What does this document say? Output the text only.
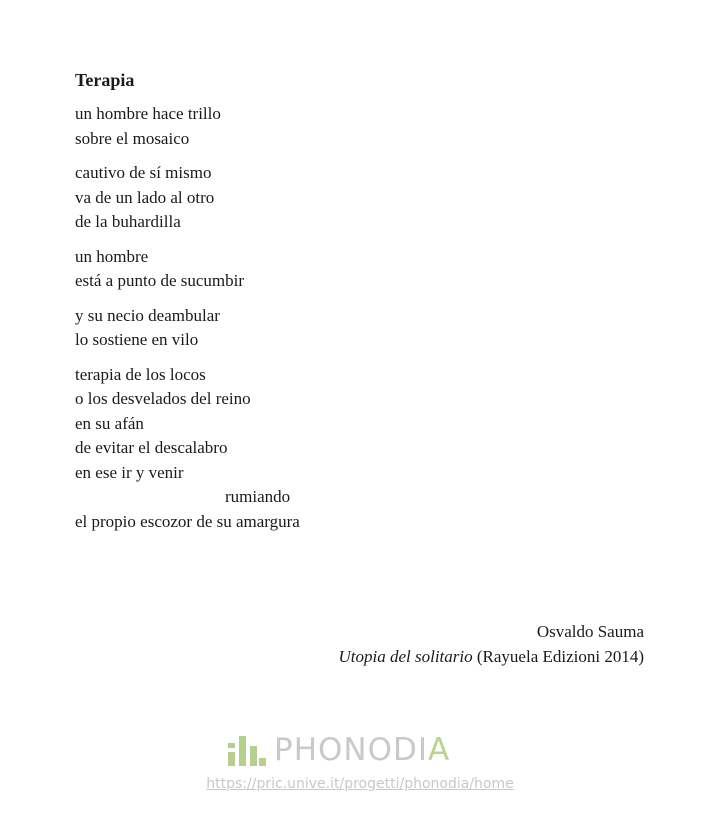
Terapia
un hombre hace trillo
sobre el mosaico
cautivo de sí mismo
va de un lado al otro
de la buhardilla
un hombre
está a punto de sucumbir
y su necio deambular
lo sostiene en vilo
terapia de los locos
o los desvelados del reino
en su afán
de evitar el descalabro
en ese ir y venir
rumiando
el propio escozor de su amargura
Osvaldo Sauma
Utopia del solitario (Rayuela Edizioni 2014)
PHONODIA
https://pric.unive.it/progetti/phonodia/home
